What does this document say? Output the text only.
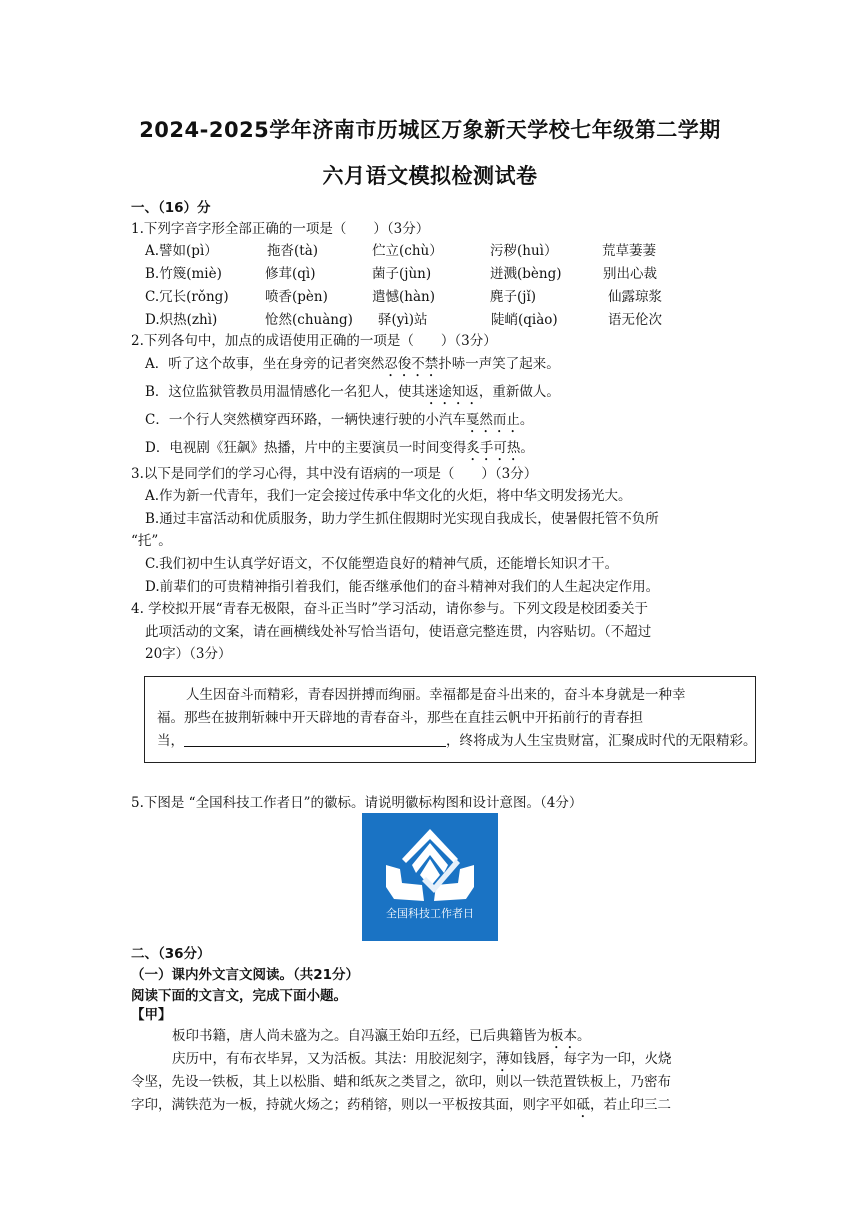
2024-2025学年济南市历城区万象新天学校七年级第二学期
六月语文模拟检测试卷
一、（16）分
1.下列字音字形全部正确的一项是（　　）（3分）
A.譬如(pì）	拖沓(tà)	伫立(chù）	污秽(huì）	荒草萋萋
B.竹篾(miè)	修茸(qì)	菌子(jùn)	迸溅(bèng)	别出心裁
C.冗长(rǒng)	喷香(pèn)	遣憾(hàn)	麂子(jǐ)	仙露琼浆
D.炽热(zhì)	怆然(chuàng) 驿(yì)站	陡峭(qiào)	语无伦次
2.下列各句中，加点的成语使用正确的一项是（　　）（3分）
A．听了这个故事，坐在身旁的记者突然忍俊不禁扑哧一声笑了起来。
B．这位监狱管教员用温情感化一名犯人，使其迷途知返，重新做人。
C．一个行人突然横穿西环路，一辆快速行驶的小汽车戛然而止。
D．电视剧《狂飙》热播，片中的主要演员一时间变得炙手可热。
3.以下是同学们的学习心得，其中没有语病的一项是（　　）（3分）
A.作为新一代青年，我们一定会接过传承中华文化的火炬，将中华文明发扬光大。
B.通过丰富活动和优质服务，助力学生抓住假期时光实现自我成长，使暑假托管不负所
“托”。
C.我们初中生认真学好语文，不仅能塑造良好的精神气质，还能增长知识才干。
D.前辈们的可贵精神指引着我们，能否继承他们的奋斗精神对我们的人生起决定作用。
4. 学校拟开展“青春无极限，奋斗正当时”学习活动，请你参与。下列文段是校团委关于
此项活动的文案，请在画横线处补写恰当语句，使语意完整连贯，内容贴切。（不超过
20字）（3分）
人生因奋斗而精彩，青春因拼搏而绚丽。幸福都是奋斗出来的，奋斗本身就是一种幸
福。那些在披荆斩棘中开天辟地的青春奋斗，那些在直挂云帆中开拓前行的青春担
当，	，终将成为人生宝贵财富，汇聚成时代的无限精彩。
5.下图是 “全国科技工作者日”的徽标。请说明徽标构图和设计意图。（4分）
5·30
全国科技工作者日
二、（36分）
（一）课内外文言文阅读。（共21分）
阅读下面的文言文，完成下面小题。
【甲】
板印书籍，唐人尚未盛为之。自冯瀛王始印五经，已后典籍皆为板本。
庆历中，有布衣毕昇，又为活板。其法：用胶泥刻字，薄如钱唇，每字为一印，火烧
令坚，先设一铁板，其上以松脂、蜡和纸灰之类冒之，欲印，则以一铁范置铁板上，乃密布
字印，满铁范为一板，持就火炀之；药稍镕，则以一平板按其面，则字平如砥，若止印三二
